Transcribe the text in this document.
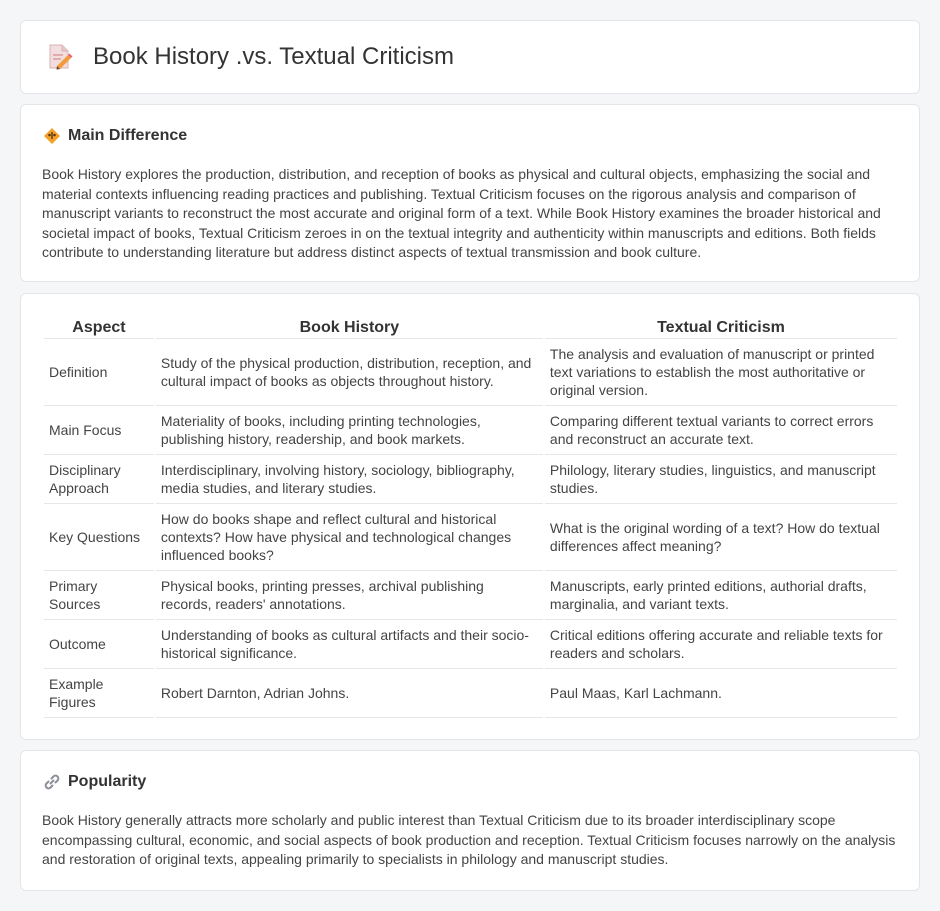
Book History .vs. Textual Criticism
Main Difference

Book History explores the production, distribution, and reception of books as physical and cultural objects, emphasizing the social and material contexts influencing reading practices and publishing. Textual Criticism focuses on the rigorous analysis and comparison of manuscript variants to reconstruct the most accurate and original form of a text. While Book History examines the broader historical and societal impact of books, Textual Criticism zeroes in on the textual integrity and authenticity within manuscripts and editions. Both fields contribute to understanding literature but address distinct aspects of textual transmission and book culture.

Aspect	Book History	Textual Criticism
Definition	Study of the physical production, distribution, reception, and cultural impact of books as objects throughout history.	The analysis and evaluation of manuscript or printed text variations to establish the most authoritative or original version.
Main Focus	Materiality of books, including printing technologies, publishing history, readership, and book markets.	Comparing different textual variants to correct errors and reconstruct an accurate text.
Disciplinary Approach	Interdisciplinary, involving history, sociology, bibliography, media studies, and literary studies.	Philology, literary studies, linguistics, and manuscript studies.
Key Questions	How do books shape and reflect cultural and historical contexts? How have physical and technological changes influenced books?	What is the original wording of a text? How do textual differences affect meaning?
Primary Sources	Physical books, printing presses, archival publishing records, readers' annotations.	Manuscripts, early printed editions, authorial drafts, marginalia, and variant texts.
Outcome	Understanding of books as cultural artifacts and their socio-historical significance.	Critical editions offering accurate and reliable texts for readers and scholars.
Example Figures	Robert Darnton, Adrian Johns.	Paul Maas, Karl Lachmann.
Popularity

Book History generally attracts more scholarly and public interest than Textual Criticism due to its broader interdisciplinary scope encompassing cultural, economic, and social aspects of book production and reception. Textual Criticism focuses narrowly on the analysis and restoration of original texts, appealing primarily to specialists in philology and manuscript studies.
